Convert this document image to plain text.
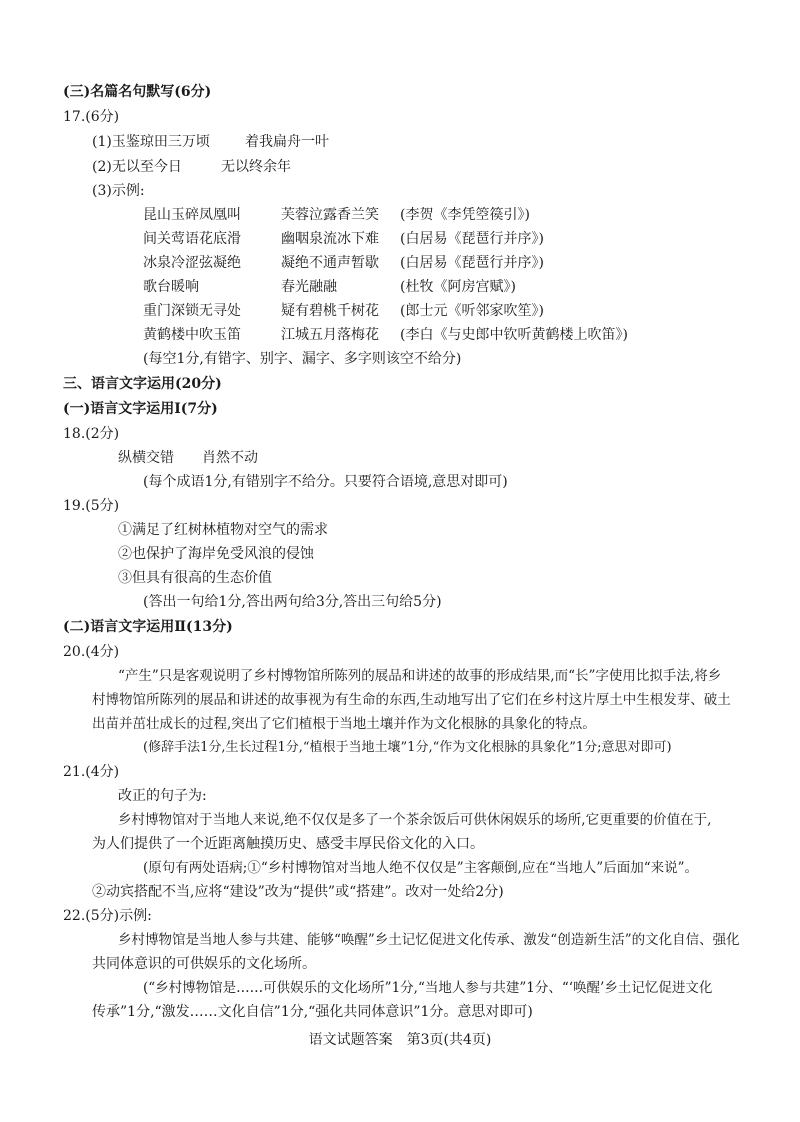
(三)名篇名句默写(6分)
17.(6分)
(1)玉鉴琼田三万顷	着我扁舟一叶
(2)无以至今日	无以终余年
(3)示例:
昆山玉碎凤凰叫	芙蓉泣露香兰笑 (李贺《李凭箜篌引》)
间关莺语花底滑	幽咽泉流冰下难 (白居易《琵琶行并序》)
冰泉冷涩弦凝绝	凝绝不通声暂歇 (白居易《琵琶行并序》)
歌台暖响	春光融融	(杜牧《阿房宫赋》)
重门深锁无寻处	疑有碧桃千树花 (郎士元《听邻家吹笙》)
黄鹤楼中吹玉笛	江城五月落梅花 (李白《与史郎中钦听黄鹤楼上吹笛》)
(每空1分,有错字、别字、漏字、多字则该空不给分)
三、语言文字运用(20分)
(一)语言文字运用Ⅰ(7分)
18.(2分)
纵横交错　　肖然不动
(每个成语1分,有错别字不给分。只要符合语境,意思对即可)
19.(5分)
①满足了红树林植物对空气的需求
②也保护了海岸免受风浪的侵蚀
③但具有很高的生态价值
(答出一句给1分,答出两句给3分,答出三句给5分)
(二)语言文字运用Ⅱ(13分)
20.(4分)
“产生”只是客观说明了乡村博物馆所陈列的展品和讲述的故事的形成结果,而“长”字使用比拟手法,将乡
村博物馆所陈列的展品和讲述的故事视为有生命的东西,生动地写出了它们在乡村这片厚土中生根发芽、破土
出苗并茁壮成长的过程,突出了它们植根于当地土壤并作为文化根脉的具象化的特点。
(修辞手法1分,生长过程1分,“植根于当地土壤”1分,“作为文化根脉的具象化”1分;意思对即可)
21.(4分)
改正的句子为:
乡村博物馆对于当地人来说,绝不仅仅是多了一个茶余饭后可供休闲娱乐的场所,它更重要的价值在于,
为人们提供了一个近距离触摸历史、感受丰厚民俗文化的入口。
(原句有两处语病;①“乡村博物馆对当地人绝不仅仅是”主客颠倒,应在“当地人”后面加“来说”。
②动宾搭配不当,应将“建设”改为“提供”或“搭建”。改对一处给2分)
22.(5分)示例:
乡村博物馆是当地人参与共建、能够“唤醒”乡土记忆促进文化传承、激发“创造新生活”的文化自信、强化
共同体意识的可供娱乐的文化场所。
(“乡村博物馆是……可供娱乐的文化场所”1分,“当地人参与共建”1分、“‘唤醒’乡土记忆促进文化
传承”1分,“激发……文化自信”1分,“强化共同体意识”1分。意思对即可)
语文试题答案　第3页(共4页)
